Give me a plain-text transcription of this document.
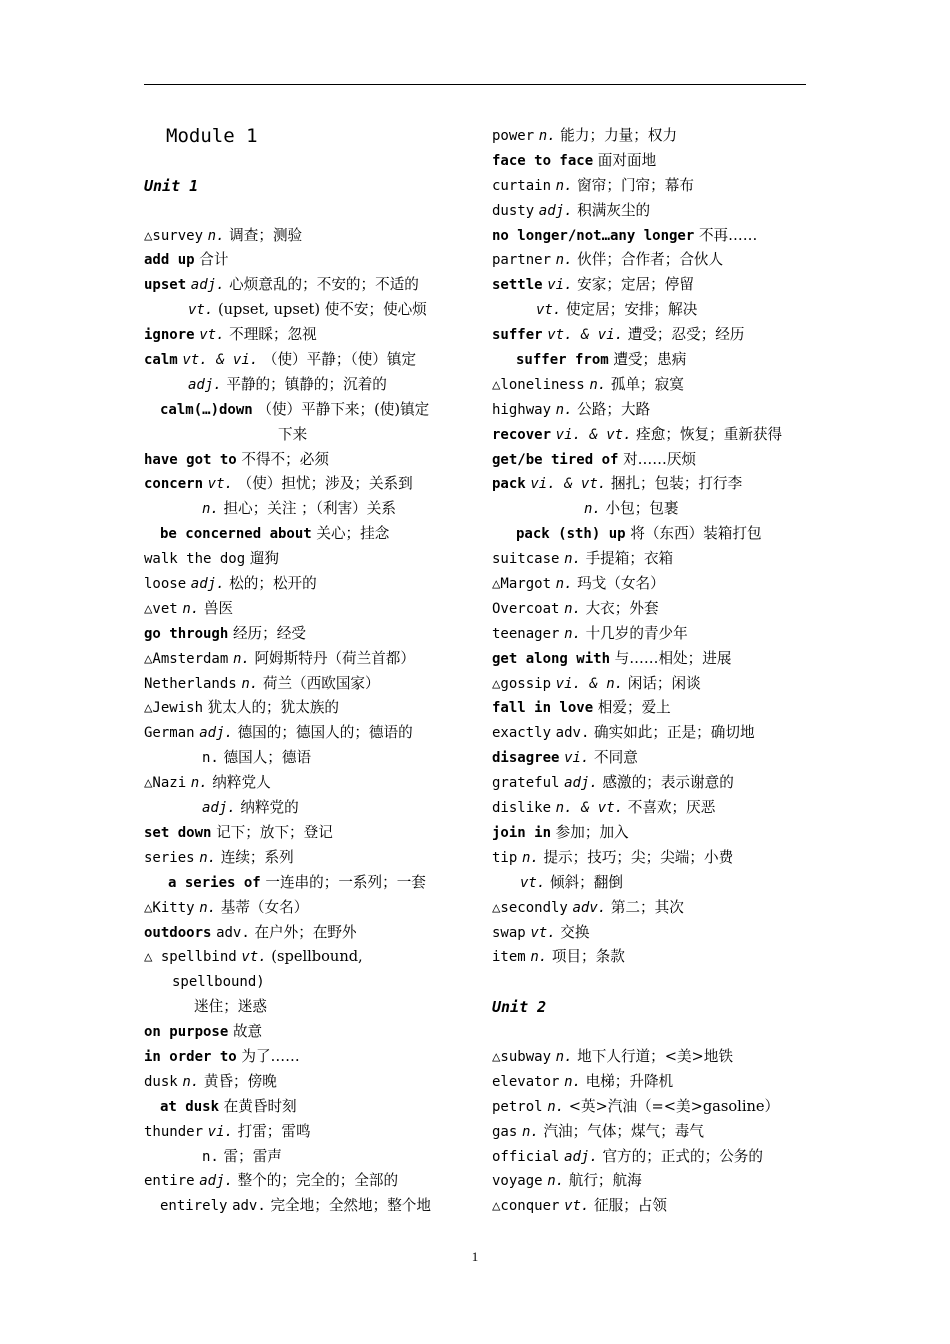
Module 1
Unit 1
△survey n. 调查；测验
add up 合计
upset adj. 心烦意乱的；不安的；不适的
vt. (upset, upset) 使不安；使心烦
ignore vt. 不理睬；忽视
calm vt. & vi. （使）平静；（使）镇定
adj. 平静的；镇静的；沉着的
calm(…)down （使）平静下来；(使)镇定
下来
have got to 不得不；必须
concern vt. （使）担忧；涉及；关系到
n. 担心；关注 ；（利害）关系
be concerned about 关心；挂念
walk the dog 遛狗
loose adj. 松的；松开的
△vet n. 兽医
go through 经历；经受
△Amsterdam n. 阿姆斯特丹（荷兰首都）
Netherlands n. 荷兰（西欧国家）
△Jewish 犹太人的；犹太族的
German adj. 德国的；德国人的；德语的
n. 德国人；德语
△Nazi n. 纳粹党人
adj. 纳粹党的
set down 记下；放下；登记
series n. 连续；系列
a series of 一连串的；一系列；一套
△Kitty n. 基蒂（女名）
outdoors adv. 在户外；在野外
△ spellbind vt. (spellbound,
spellbound)
迷住；迷惑
on purpose 故意
in order to 为了……
dusk n. 黄昏；傍晚
at dusk 在黄昏时刻
thunder vi. 打雷；雷鸣
n. 雷；雷声
entire adj. 整个的；完全的；全部的
entirely adv. 完全地；全然地；整个地
power n. 能力；力量；权力
face to face 面对面地
curtain n. 窗帘；门帘；幕布
dusty adj. 积满灰尘的
no longer/not…any longer 不再……
partner n. 伙伴；合作者；合伙人
settle vi. 安家；定居；停留
vt. 使定居；安排；解决
suffer vt. & vi. 遭受；忍受；经历
suffer from 遭受；患病
△loneliness n. 孤单；寂寞
highway n. 公路；大路
recover vi. & vt. 痊愈；恢复；重新获得
get/be tired of 对……厌烦
pack vi. & vt. 捆扎；包装；打行李
n. 小包；包裹
pack (sth) up 将（东西）装箱打包
suitcase n. 手提箱；衣箱
△Margot n. 玛戈（女名）
Overcoat n. 大衣；外套
teenager n. 十几岁的青少年
get along with 与……相处；进展
△gossip vi. & n. 闲话；闲谈
fall in love 相爱；爱上
exactly adv. 确实如此；正是；确切地
disagree vi. 不同意
grateful adj. 感激的；表示谢意的
dislike n. & vt. 不喜欢；厌恶
join in 参加；加入
tip n. 提示；技巧；尖；尖端；小费
vt. 倾斜；翻倒
△secondly adv. 第二；其次
swap vt. 交换
item n. 项目；条款
Unit 2
△subway n. 地下人行道；<美>地铁
elevator n. 电梯；升降机
petrol n. <英>汽油（=<美>gasoline）
gas n. 汽油；气体；煤气；毒气
official adj. 官方的；正式的；公务的
voyage n. 航行；航海
△conquer vt. 征服；占领
1
